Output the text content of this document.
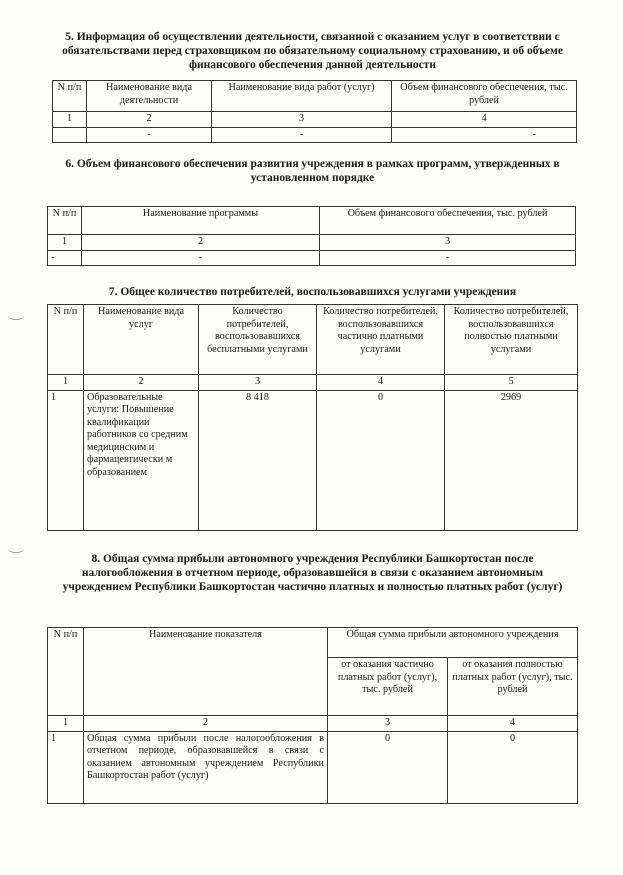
5. Информация об осуществлении деятельности, связанной с оказанием услуг в соответствии с обязательствами перед страховщиком по обязательному социальному страхованию, и об объеме финансового обеспечения данной деятельности
N п/п	Наименование вида деятельности	Наименование вида работ (услуг)	Объем финансового обеспечения, тыс. рублей
1	2	3	4
	-	-	-
6. Объем финансового обеспечения развития учреждения в рамках программ, утвержденных в установленном порядке
N п/п	Наименование программы	Объем финансового обеспечения, тыс. рублей
1	2	3
-	-	-
7. Общее количество потребителей, воспользовавшихся услугами учреждения
N п/п	Наименование вида услуг	Количество потребителей, воспользовавшихся бесплатными услугами	Количество потребителей, воспользовавшихся частично платными услугами	Количество потребителей, воспользовавшихся полностью платными услугами
1	2	3	4	5
1	Образовательные услуги: Повышение квалификации работников со средним медицинским и фармацевтически м образованием	8 418	0	2969
8. Общая сумма прибыли автономного учреждения Республики Башкортостан после налогообложения в отчетном периоде, образовавшейся в связи с оказанием автономным учреждением Республики Башкортостан частично платных и полностью платных работ (услуг)
N п/п	Наименование показателя	Общая сумма прибыли автономного учреждения	
		от оказания частично платных работ (услуг), тыс. рублей	от оказания полностью платных работ (услуг), тыс. рублей
1	2	3	4
1	Общая сумма прибыли после налогообложения в отчетном периоде, образовавшейся в связи с оказанием автономным учреждением Республики Башкортостан работ (услуг)	0	0
